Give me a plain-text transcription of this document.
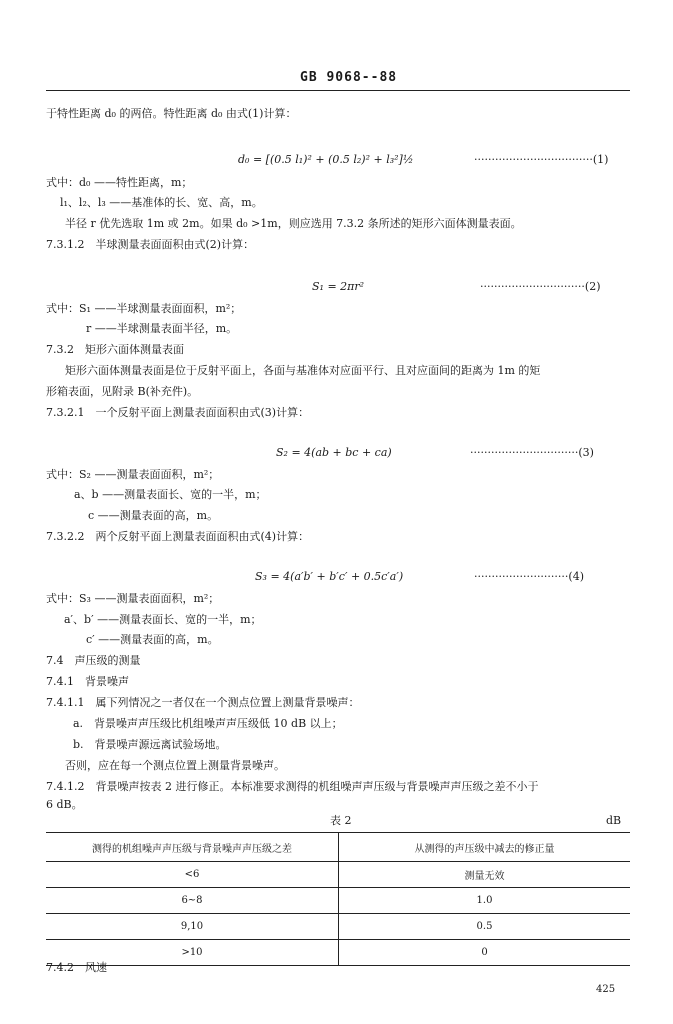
GB 9068--88
于特性距离 d₀ 的两倍。特性距离 d₀ 由式(1)计算：
d₀ = [(0.5 l₁)² + (0.5 l₂)² + l₃²]½	··································(1)
式中：d₀ ——特性距离，m；
l₁、l₂、l₃ ——基准体的长、宽、高，m。
半径 r 优先选取 1m 或 2m。如果 d₀ >1m，则应选用 7.3.2 条所述的矩形六面体测量表面。
7.3.1.2　半球测量表面面积由式(2)计算：
S₁ = 2πr²	······························(2)
式中：S₁ ——半球测量表面面积，m²；
r ——半球测量表面半径，m。
7.3.2　矩形六面体测量表面
矩形六面体测量表面是位于反射平面上，各面与基准体对应面平行、且对应面间的距离为 1m 的矩
形箱表面，见附录 B(补充件)。
7.3.2.1　一个反射平面上测量表面面积由式(3)计算：
S₂ = 4(ab + bc + ca)	·······························(3)
式中：S₂ ——测量表面面积，m²；
a、b ——测量表面长、宽的一半，m；
c ——测量表面的高，m。
7.3.2.2　两个反射平面上测量表面面积由式(4)计算：
S₃ = 4(a′b′ + b′c′ + 0.5c′a′)	···························(4)
式中：S₃ ——测量表面面积，m²；
a′、b′ ——测量表面长、宽的一半，m；
c′ ——测量表面的高，m。
7.4　声压级的测量
7.4.1　背景噪声
7.4.1.1　属下列情况之一者仅在一个测点位置上测量背景噪声：
a.　背景噪声声压级比机组噪声声压级低 10 dB 以上；
b.　背景噪声源远离试验场地。
否则，应在每一个测点位置上测量背景噪声。
7.4.1.2　背景噪声按表 2 进行修正。本标准要求测得的机组噪声声压级与背景噪声声压级之差不小于
6 dB。
表 2	dB
测得的机组噪声声压级与背景噪声声压级之差	从测得的声压级中减去的修正量
<6	测量无效
6~8	1.0
9,10	0.5
>10	0
7.4.2　风速
425
